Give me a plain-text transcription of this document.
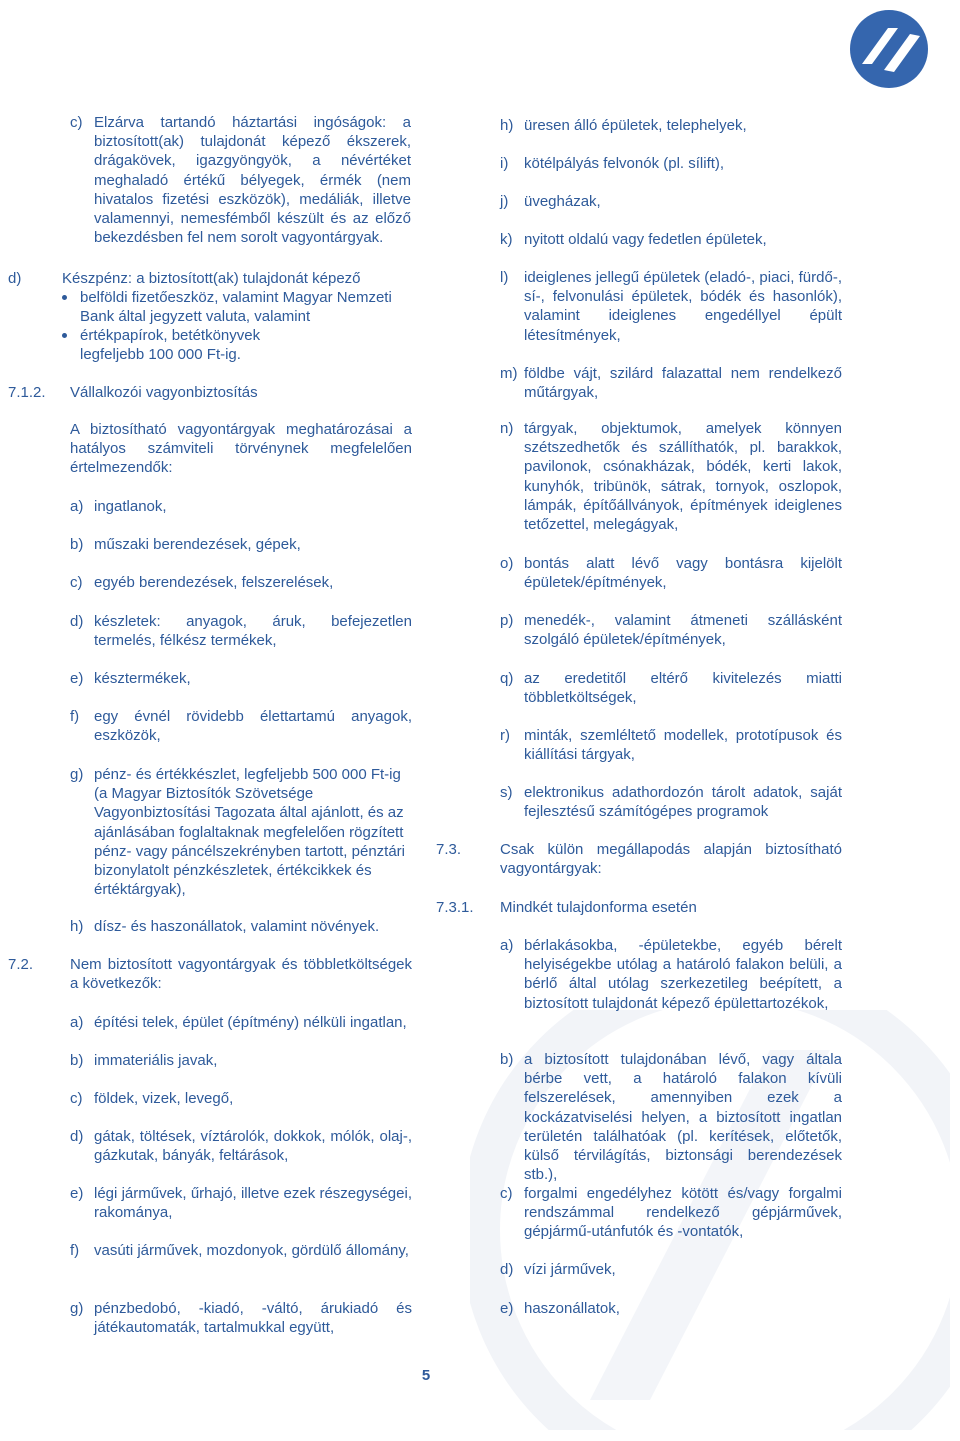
c) Elzárva tartandó háztartási ingóságok: a biztosított(ak) tulajdonát képező ékszerek, drágakövek, igazgyöngyök, a névértéket meghaladó értékű bélyegek, érmék (nem hivatalos fizetési eszközök), medáliák, illetve valamennyi, nemesfémből készült és az előző bekezdésben fel nem sorolt vagyontárgyak.
d)	Készpénz: a biztosított(ak) tulajdonát képező
belföldi fizetőeszköz, valamint Magyar Nemzeti Bank által jegyzett valuta, valamint
értékpapírok, betétkönyvek
legfeljebb 100 000 Ft-ig.
7.1.2. Vállalkozói vagyonbiztosítás
A biztosítható vagyontárgyak meghatározásai a hatályos számviteli törvénynek megfelelően értelmezendők:
a) ingatlanok,
b) műszaki berendezések, gépek,
c) egyéb berendezések, felszerelések,
d) készletek: anyagok, áruk, befejezetlen termelés, félkész termékek,
e) késztermékek,
f) egy évnél rövidebb élettartamú anyagok, eszközök,
g) pénz- és értékkészlet, legfeljebb 500 000 Ft-ig (a Magyar Biztosítók Szövetsége Vagyonbiztosítási Tagozata által ajánlott, és az ajánlásában foglaltaknak megfelelően rögzített pénz- vagy páncélszekrényben tartott, pénztári bizonylatolt pénzkészletek, értékcikkek és értéktárgyak),
h) dísz- és haszonállatok, valamint növények.
7.2. Nem biztosított vagyontárgyak és többletköltségek a következők:
a) építési telek, épület (építmény) nélküli ingatlan,
b) immateriális javak,
c) földek, vizek, levegő,
d) gátak, töltések, víztárolók, dokkok, mólók, olaj-, gázkutak, bányák, feltárások,
e) légi járművek, űrhajó, illetve ezek részegységei, rakománya,
f) vasúti járművek, mozdonyok, gördülő állomány,
g) pénzbedobó, -kiadó, -váltó, árukiadó és játékautomaták, tartalmukkal együtt,
h) üresen álló épületek, telephelyek,
i) kötélpályás felvonók (pl. sílift),
j) üvegházak,
k) nyitott oldalú vagy fedetlen épületek,
l) ideiglenes jellegű épületek (eladó-, piaci, fürdő-, sí-, felvonulási épületek, bódék és hasonlók), valamint ideiglenes engedéllyel épült létesítmények,
m) földbe vájt, szilárd falazattal nem rendelkező műtárgyak,
n) tárgyak, objektumok, amelyek könnyen szétszedhetők és szállíthatók, pl. barakkok, pavilonok, csónakházak, bódék, kerti lakok, kunyhók, tribünök, sátrak, tornyok, oszlopok, lámpák, építőállványok, építmények ideiglenes tetőzettel, melegágyak,
o) bontás alatt lévő vagy bontásra kijelölt épületek/építmények,
p) menedék-, valamint átmeneti szállásként szolgáló épületek/építmények,
q) az eredetitől eltérő kivitelezés miatti többletköltségek,
r) minták, szemléltető modellek, prototípusok és kiállítási tárgyak,
s) elektronikus adathordozón tárolt adatok, saját fejlesztésű számítógépes programok
7.3.	Csak külön megállapodás alapján biztosítható vagyontárgyak:
7.3.1. Mindkét tulajdonforma esetén
a) bérlakásokba, -épületekbe, egyéb bérelt helyiségekbe utólag a határoló falakon belüli, a bérlő által utólag szerkezetileg beépített, a biztosított tulajdonát képező épülettartozékok,
b) a biztosított tulajdonában lévő, vagy általa bérbe vett, a határoló falakon kívüli felszerelések, amennyiben ezek a kockázatviselési helyen, a biztosított ingatlan területén találhatóak (pl. kerítések, előtetők, külső térvilágítás, biztonsági berendezések stb.),
c) forgalmi engedélyhez kötött és/vagy forgalmi rendszámmal rendelkező gépjárművek, gépjármű-utánfutók és -vontatók,
d) vízi járművek,
e) haszonállatok,
5
